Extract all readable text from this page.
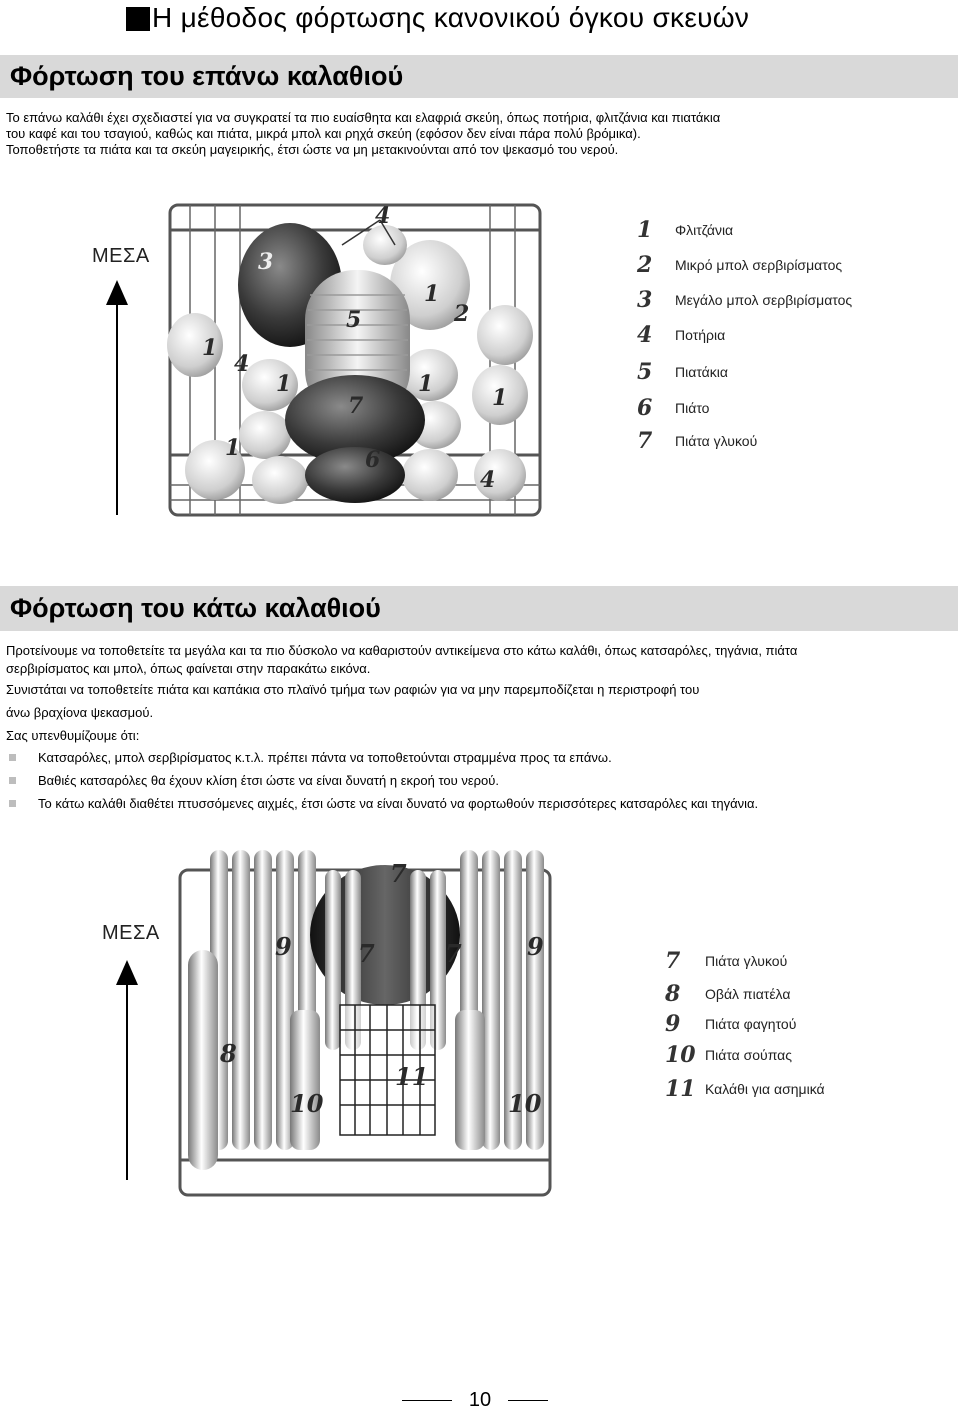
Η μέθοδος φόρτωσης κανονικού όγκου σκευών
Φόρτωση του επάνω καλαθιού
Το επάνω καλάθι έχει σχεδιαστεί για να συγκρατεί τα πιο ευαίσθητα και ελαφριά σκεύη, όπως ποτήρια, φλιτζάνια και πιατάκια
του καφέ και του τσαγιού, καθώς και πιάτα, μικρά μπολ και ρηχά σκεύη (εφόσον δεν είναι πάρα πολύ βρόμικα).
Τοποθετήστε τα πιάτα και τα σκεύη μαγειρικής, έτσι ώστε να μη μετακινούνται από τον ψεκασμό του νερού.
ΜΕΣΑ
4
3
5
1
2
1
4
1	1
1
7
1	6
4
1	Φλιτζάνια
2	Μικρό μπολ σερβιρίσματος
3	Μεγάλο μπολ σερβιρίσματος
4	Ποτήρια
5	Πιατάκια
6	Πιάτο
7	Πιάτα γλυκού
Φόρτωση του κάτω καλαθιού
Προτείνουμε να τοποθετείτε τα μεγάλα και τα πιο δύσκολο να καθαριστούν αντικείμενα στο κάτω καλάθι, όπως κατσαρόλες, τηγάνια, πιάτα
σερβιρίσματος και μπολ, όπως φαίνεται στην παρακάτω εικόνα.
Συνιστάται να τοποθετείτε πιάτα και καπάκια στο πλαϊνό τμήμα των ραφιών για να μην παρεμποδίζεται η περιστροφή του
άνω βραχίονα ψεκασμού.
Σας υπενθυμίζουμε ότι:
Κατσαρόλες, μπολ σερβιρίσματος κ.τ.λ. πρέπει πάντα να τοποθετούνται στραμμένα προς τα επάνω.
Βαθιές κατσαρόλες θα έχουν κλίση έτσι ώστε να είναι δυνατή η εκροή του νερού.
Το κάτω καλάθι διαθέτει πτυσσόμενες αιχμές, έτσι ώστε να είναι δυνατό να φορτωθούν περισσότερες κατσαρόλες και τηγάνια.
ΜΕΣΑ
7
9	7	7	9
8
11
10	10
7	Πιάτα γλυκού
8	Οβάλ πιατέλα
9	Πιάτα φαγητού
10 Πιάτα σούπας
11 Καλάθι για ασημικά
10
